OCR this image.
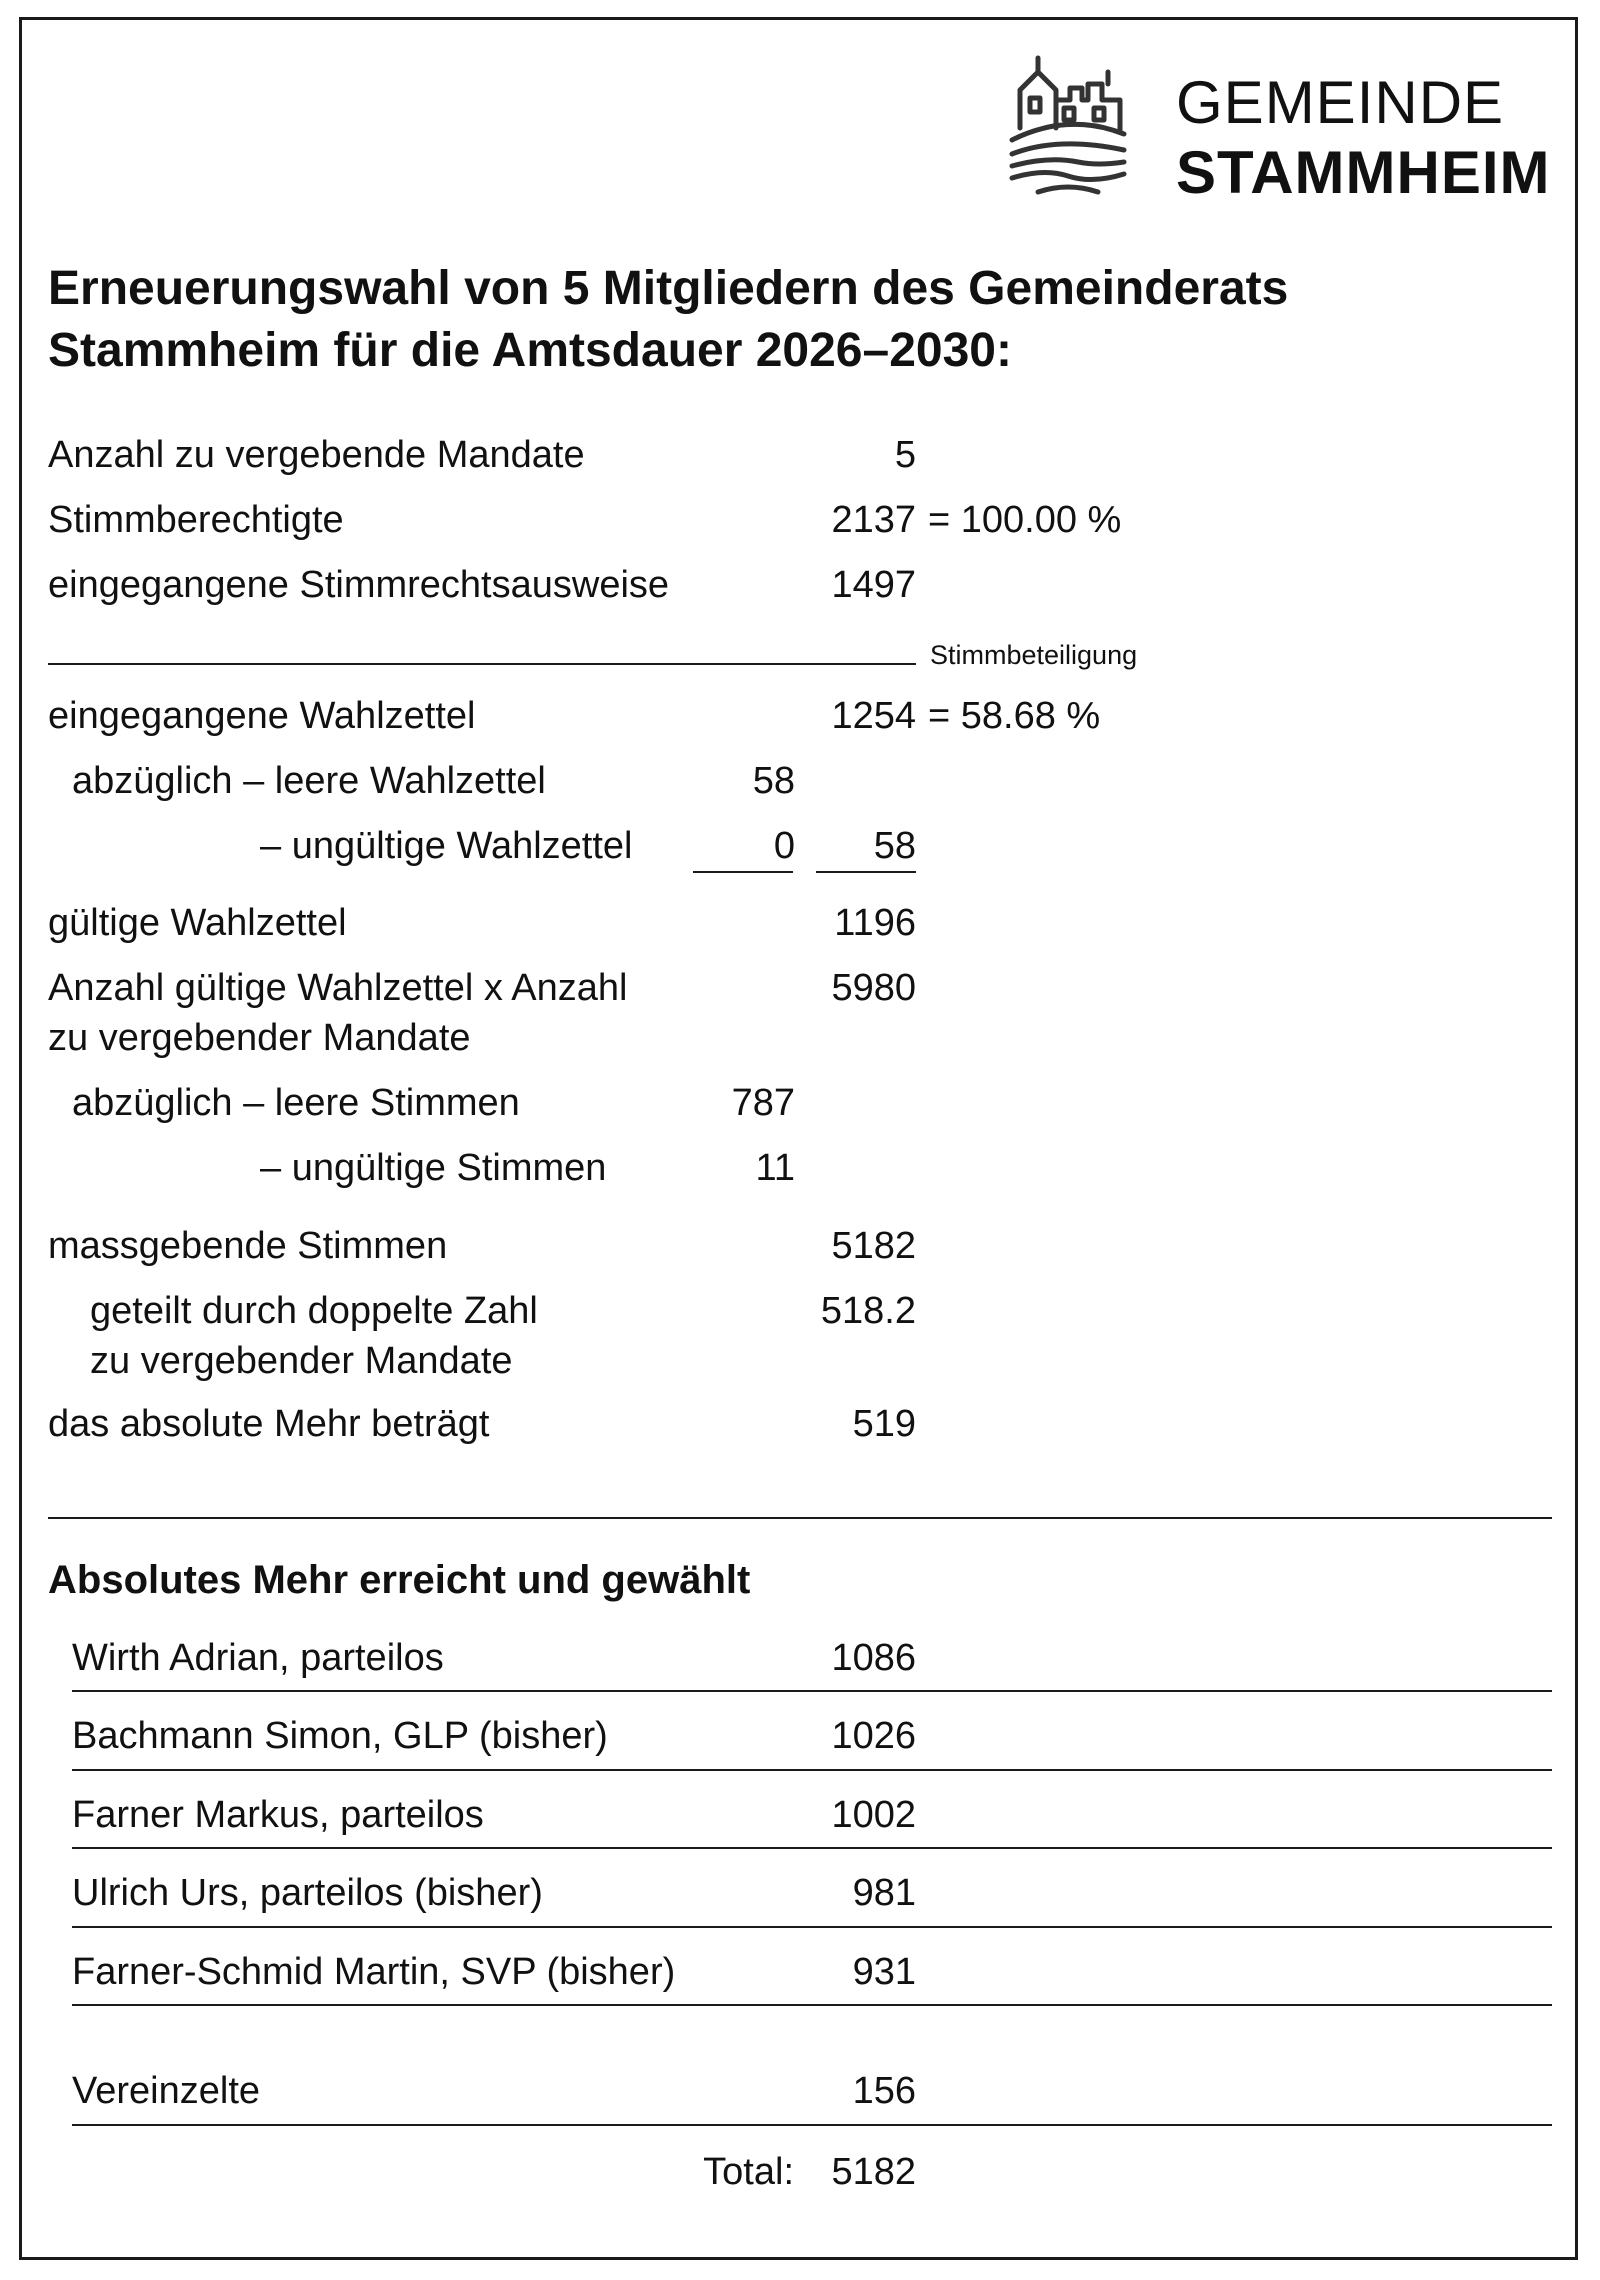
GEMEINDE
STAMMHEIM
Erneuerungswahl von 5 Mitgliedern des Gemeinderats
Stammheim für die Amtsdauer 2026–2030:
Anzahl zu vergebende Mandate	5
Stimmberechtigte	2137 = 100.00 %
eingegangene Stimmrechtsausweise	1497
Stimmbeteiligung
eingegangene Wahlzettel	1254 = 58.68 %
abzüglich – leere Wahlzettel	58
– ungültige Wahlzettel	0	58
gültige Wahlzettel	1196
Anzahl gültige Wahlzettel x Anzahl
zu vergebender Mandate
5980
abzüglich – leere Stimmen	787
– ungültige Stimmen	11
massgebende Stimmen	5182
geteilt durch doppelte Zahl
zu vergebender Mandate
518.2
das absolute Mehr beträgt	519
Absolutes Mehr erreicht und gewählt
Wirth Adrian, parteilos	1086
Bachmann Simon, GLP (bisher)	1026
Farner Markus, parteilos	1002
Ulrich Urs, parteilos (bisher)	981
Farner-Schmid Martin, SVP (bisher)	931
Vereinzelte	156
Total: 5182
